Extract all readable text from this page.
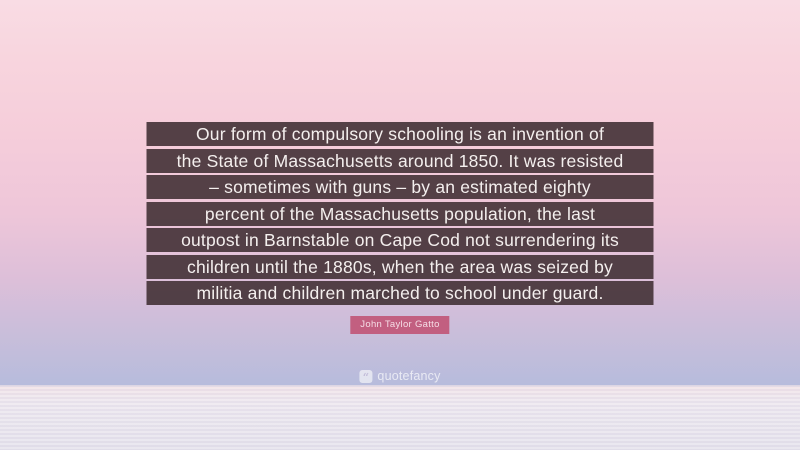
Our form of compulsory schooling is an invention of
the State of Massachusetts around 1850. It was resisted
– sometimes with guns – by an estimated eighty
percent of the Massachusetts population, the last
outpost in Barnstable on Cape Cod not surrendering its
children until the 1880s, when the area was seized by
militia and children marched to school under guard.
John Taylor Gatto
“ quotefancy
